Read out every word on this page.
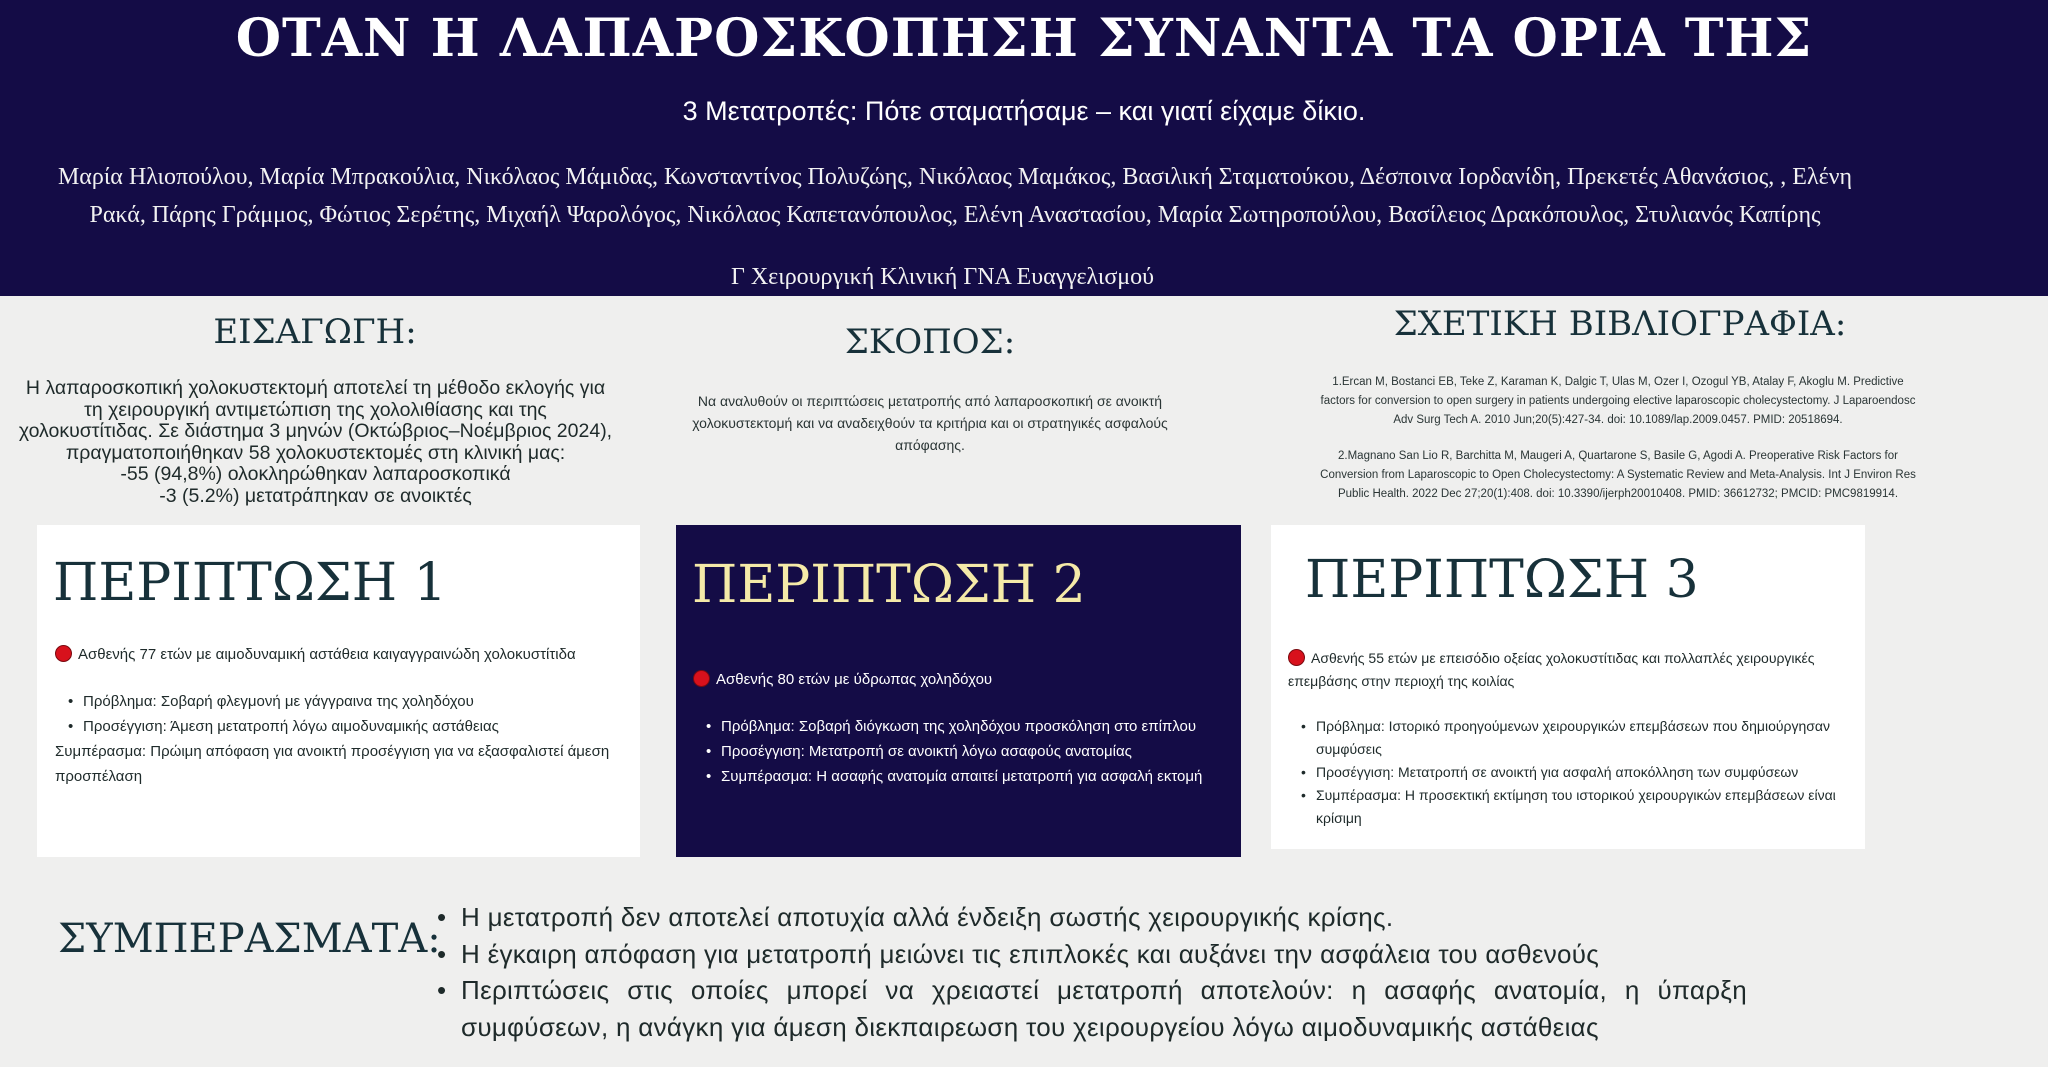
ΟΤΑΝ Η ΛΑΠΑΡΟΣΚΟΠΗΣΗ ΣΥΝΑΝΤΑ ΤΑ ΟΡΙΑ ΤΗΣ
3 Μετατροπές: Πότε σταματήσαμε – και γιατί είχαμε δίκιο.
Μαρία Ηλιοπούλου, Μαρία Μπρακούλια, Νικόλαος Μάμιδας, Κωνσταντίνος Πολυζώης, Νικόλαος Μαμάκος, Βασιλική Σταματούκου, Δέσποινα Ιορδανίδη, Πρεκετές Αθανάσιος, , Ελένη Ρακά, Πάρης Γράμμος, Φώτιος Σερέτης, Μιχαήλ Ψαρολόγος, Νικόλαος Καπετανόπουλος, Ελένη Αναστασίου, Μαρία Σωτηροπούλου, Βασίλειος Δρακόπουλος, Στυλιανός Καπίρης
Γ Χειρουργική Κλινική ΓΝΑ Ευαγγελισμού
ΕΙΣΑΓΩΓΗ:
Η λαπαροσκοπική χολοκυστεκτομή αποτελεί τη μέθοδο εκλογής για τη χειρουργική αντιμετώπιση της χολολιθίασης και της χολοκυστίτιδας. Σε διάστημα 3 μηνών (Οκτώβριος–Νοέμβριος 2024), πραγματοποιήθηκαν 58 χολοκυστεκτομές στη κλινική μας:
-55 (94,8%) ολοκληρώθηκαν λαπαροσκοπικά
-3 (5.2%) μετατράπηκαν σε ανοικτές
ΣΚΟΠΟΣ:
Να αναλυθούν οι περιπτώσεις μετατροπής από λαπαροσκοπική σε ανοικτή χολοκυστεκτομή και να αναδειχθούν τα κριτήρια και οι στρατηγικές ασφαλούς απόφασης.
ΣΧΕΤΙΚΗ ΒΙΒΛΙΟΓΡΑΦΙΑ:
1.Ercan M, Bostanci EB, Teke Z, Karaman K, Dalgic T, Ulas M, Ozer I, Ozogul YB, Atalay F, Akoglu M. Predictive factors for conversion to open surgery in patients undergoing elective laparoscopic cholecystectomy. J Laparoendosc Adv Surg Tech A. 2010 Jun;20(5):427-34. doi: 10.1089/lap.2009.0457. PMID: 20518694.
2.Magnano San Lio R, Barchitta M, Maugeri A, Quartarone S, Basile G, Agodi A. Preoperative Risk Factors for Conversion from Laparoscopic to Open Cholecystectomy: A Systematic Review and Meta-Analysis. Int J Environ Res Public Health. 2022 Dec 27;20(1):408. doi: 10.3390/ijerph20010408. PMID: 36612732; PMCID: PMC9819914.
ΠΕΡΙΠΤΩΣΗ 1
Ασθενής 77 ετών με αιμοδυναμική αστάθεια καιγαγγραινώδη χολοκυστίτιδα
• Πρόβλημα: Σοβαρή φλεγμονή με γάγγραινα της χοληδόχου
• Προσέγγιση: Άμεση μετατροπή λόγω αιμοδυναμικής αστάθειας
Συμπέρασμα: Πρώιμη απόφαση για ανοικτή προσέγγιση για να εξασφαλιστεί άμεση προσπέλαση
ΠΕΡΙΠΤΩΣΗ 2
Ασθενής 80 ετών με ύδρωπας χοληδόχου
• Πρόβλημα: Σοβαρή διόγκωση της χοληδόχου προσκόληση στο επίπλου
• Προσέγγιση: Μετατροπή σε ανοικτή λόγω ασαφούς ανατομίας
• Συμπέρασμα: Η ασαφής ανατομία απαιτεί μετατροπή για ασφαλή εκτομή
ΠΕΡΙΠΤΩΣΗ 3
Ασθενής 55 ετών με επεισόδιο οξείας χολοκυστίτιδας και πολλαπλές χειρουργικές επεμβάσης στην περιοχή της κοιλίας
• Πρόβλημα: Ιστορικό προηγούμενων χειρουργικών επεμβάσεων που δημιούργησαν συμφύσεις
• Προσέγγιση: Μετατροπή σε ανοικτή για ασφαλή αποκόλληση των συμφύσεων
• Συμπέρασμα: Η προσεκτική εκτίμηση του ιστορικού χειρουργικών επεμβάσεων είναι κρίσιμη
ΣΥΜΠΕΡΑΣΜΑΤΑ:
• Η μετατροπή δεν αποτελεί αποτυχία αλλά ένδειξη σωστής χειρουργικής κρίσης.
• Η έγκαιρη απόφαση για μετατροπή μειώνει τις επιπλοκές και αυξάνει την ασφάλεια του ασθενούς
• Περιπτώσεις στις οποίες μπορεί να χρειαστεί μετατροπή αποτελούν: η ασαφής ανατομία, η ύπαρξη συμφύσεων, η ανάγκη για άμεση διεκπαιρεωση του χειρουργείου λόγω αιμοδυναμικής αστάθειας
